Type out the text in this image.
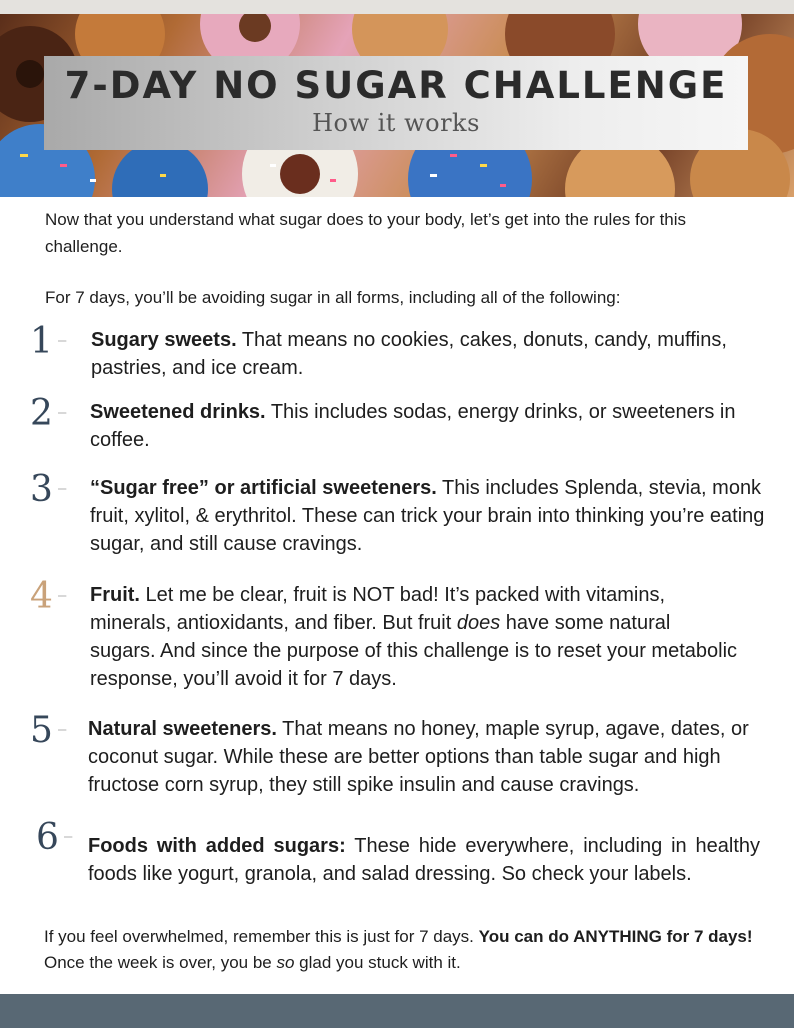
7-DAY NO SUGAR CHALLENGE
How it works
Now that you understand what sugar does to your body, let’s get into the rules for this challenge.
For 7 days, you’ll be avoiding sugar in all forms, including all of the following:
1 – Sugary sweets. That means no cookies, cakes, donuts, candy, muffins, pastries, and ice cream.
2 – Sweetened drinks. This includes sodas, energy drinks, or sweeteners in coffee.
3 – “Sugar free” or artificial sweeteners. This includes Splenda, stevia, monk fruit, xylitol, & erythritol. These can trick your brain into thinking you’re eating sugar, and still cause cravings.
4 – Fruit. Let me be clear, fruit is NOT bad! It’s packed with vitamins, minerals, antioxidants, and fiber. But fruit does have some natural sugars. And since the purpose of this challenge is to reset your metabolic response, you’ll avoid it for 7 days.
5 – Natural sweeteners. That means no honey, maple syrup, agave, dates, or coconut sugar. While these are better options than table sugar and high fructose corn syrup, they still spike insulin and cause cravings.
6 – Foods with added sugars: These hide everywhere, including in healthy foods like yogurt, granola, and salad dressing. So check your labels.
If you feel overwhelmed, remember this is just for 7 days. You can do ANYTHING for 7 days! Once the week is over, you be so glad you stuck with it.
